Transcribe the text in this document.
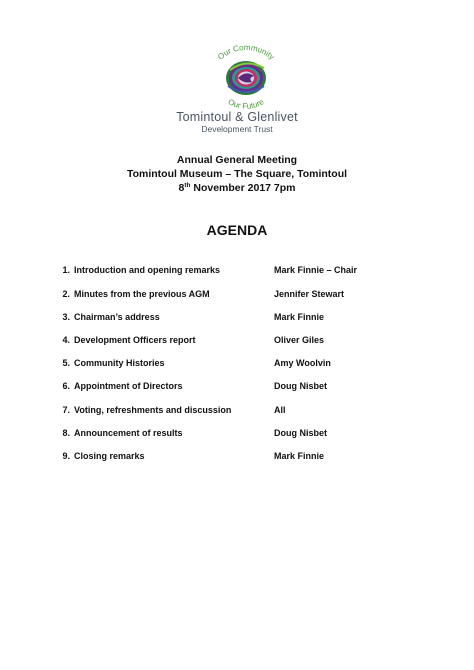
Our Community
Our Future
Tomintoul & Glenlivet
Development Trust
Annual General Meeting
Tomintoul Museum – The Square, Tomintoul
8th November 2017 7pm
AGENDA
1. Introduction and opening remarks	Mark Finnie – Chair
2. Minutes from the previous AGM	Jennifer Stewart
3. Chairman’s address	Mark Finnie
4. Development Officers report	Oliver Giles
5. Community Histories	Amy Woolvin
6. Appointment of Directors	Doug Nisbet
7. Voting, refreshments and discussion	All
8. Announcement of results	Doug Nisbet
9. Closing remarks	Mark Finnie
